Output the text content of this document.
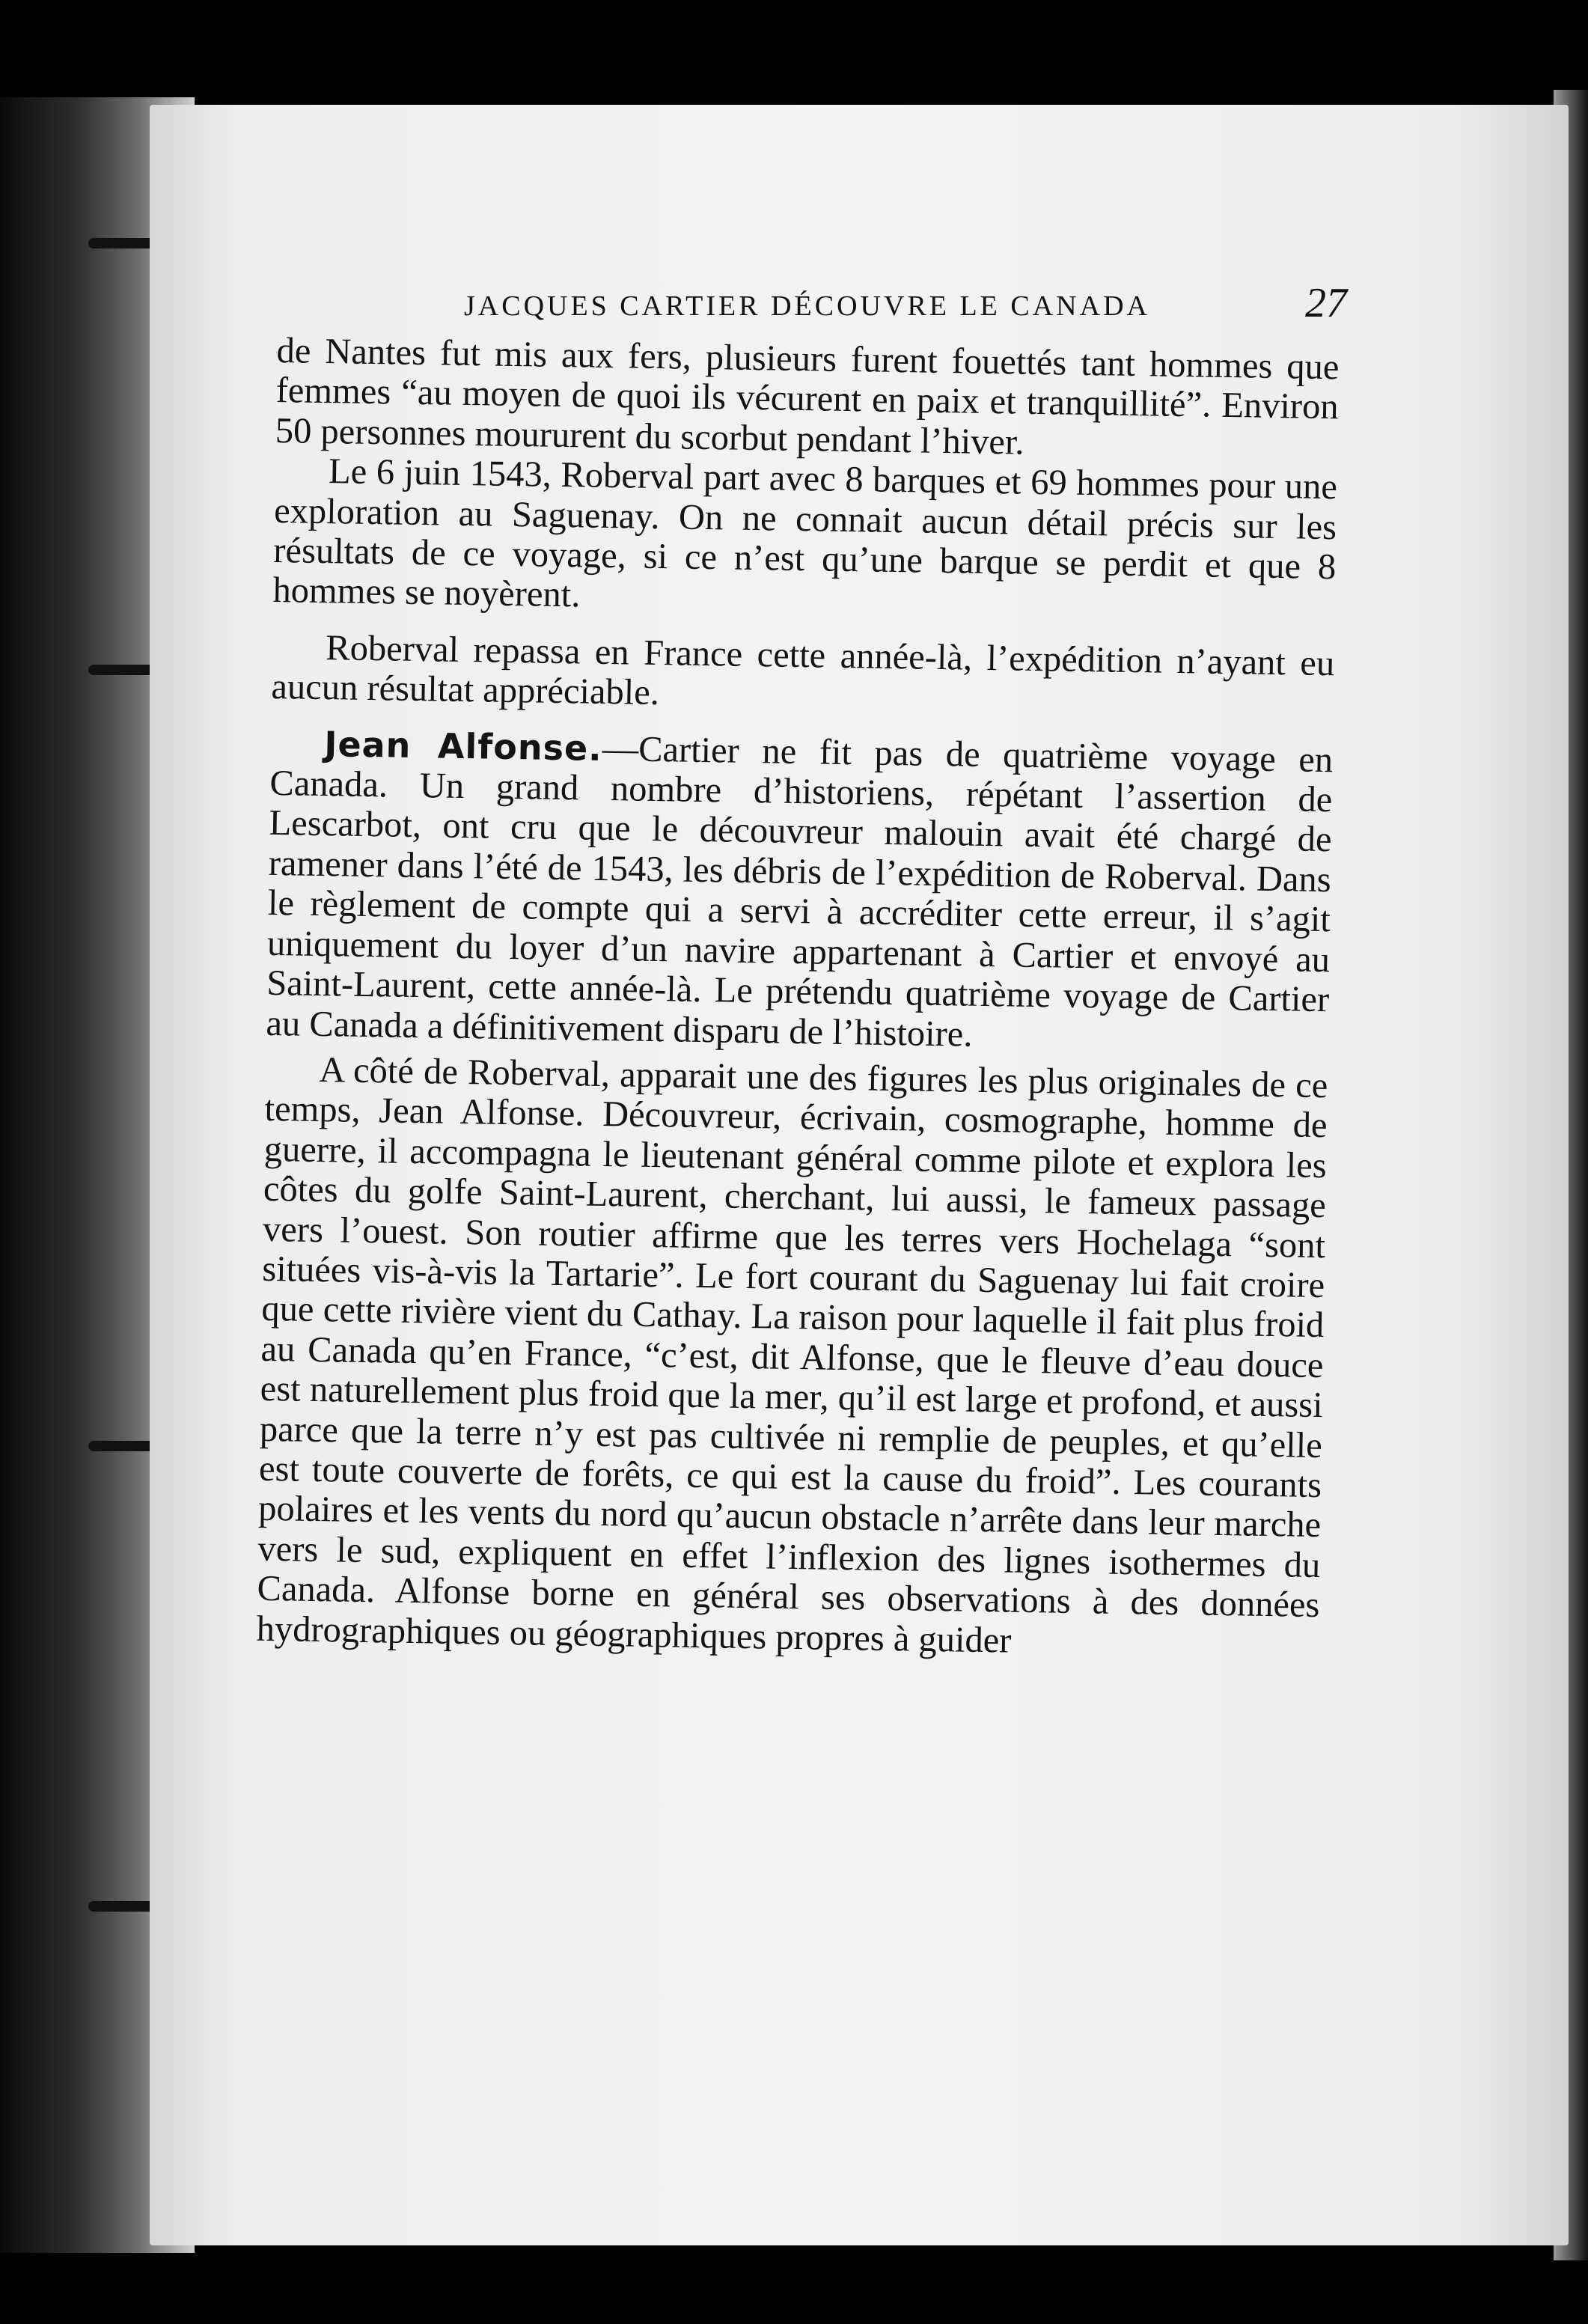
JACQUES CARTIER DÉCOUVRE LE CANADA	27

de Nantes fut mis aux fers, plusieurs furent fouettés tant hommes que femmes “au moyen de quoi ils vécurent en paix et tranquillité”. Environ 50 personnes moururent du scorbut pendant l’hiver.

Le 6 juin 1543, Roberval part avec 8 barques et 69 hommes pour une exploration au Saguenay. On ne connait aucun détail précis sur les résultats de ce voyage, si ce n’est qu’une barque se perdit et que 8 hommes se noyèrent.

Roberval repassa en France cette année-là, l’expédition n’ayant eu aucun résultat appréciable.

Jean Alfonse.—Cartier ne fit pas de quatrième voyage en Canada. Un grand nombre d’historiens, répétant l’assertion de Lescarbot, ont cru que le découvreur malouin avait été chargé de ramener dans l’été de 1543, les débris de l’expédition de Roberval. Dans le règlement de compte qui a servi à accréditer cette erreur, il s’agit uniquement du loyer d’un navire appartenant à Cartier et envoyé au Saint-Laurent, cette année-là. Le prétendu quatrième voyage de Cartier au Canada a définitivement disparu de l’histoire.

A côté de Roberval, apparait une des figures les plus originales de ce temps, Jean Alfonse. Découvreur, écrivain, cosmographe, homme de guerre, il accompagna le lieutenant général comme pilote et explora les côtes du golfe Saint-Laurent, cherchant, lui aussi, le fameux passage vers l’ouest. Son routier affirme que les terres vers Hochelaga “sont situées vis-à-vis la Tartarie”. Le fort courant du Saguenay lui fait croire que cette rivière vient du Cathay. La raison pour laquelle il fait plus froid au Canada qu’en France, “c’est, dit Alfonse, que le fleuve d’eau douce est naturellement plus froid que la mer, qu’il est large et profond, et aussi parce que la terre n’y est pas cultivée ni remplie de peuples, et qu’elle est toute couverte de forêts, ce qui est la cause du froid”. Les courants polaires et les vents du nord qu’aucun obstacle n’arrête dans leur marche vers le sud, expliquent en effet l’inflexion des lignes isothermes du Canada. Alfonse borne en général ses observations à des données hydrographiques ou géographiques propres à guider
